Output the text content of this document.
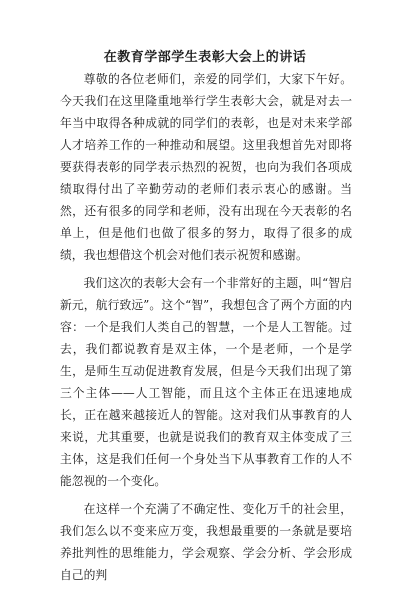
在教育学部学生表彰大会上的讲话

尊敬的各位老师们，亲爱的同学们，大家下午好。今天我们在这里隆重地举行学生表彰大会，就是对去一年当中取得各种成就的同学们的表彰，也是对未来学部人才培养工作的一种推动和展望。这里我想首先对即将要获得表彰的同学表示热烈的祝贺，也向为我们各项成绩取得付出了辛勤劳动的老师们表示衷心的感谢。当然，还有很多的同学和老师，没有出现在今天表彰的名单上，但是他们也做了很多的努力，取得了很多的成绩，我也想借这个机会对他们表示祝贺和感谢。

我们这次的表彰大会有一个非常好的主题，叫“智启新元，航行致远”。这个“智”，我想包含了两个方面的内容：一个是我们人类自己的智慧，一个是人工智能。过去，我们都说教育是双主体，一个是老师，一个是学生，是师生互动促进教育发展，但是今天我们出现了第三个主体——人工智能，而且这个主体正在迅速地成长，正在越来越接近人的智能。这对我们从事教育的人来说，尤其重要，也就是说我们的教育双主体变成了三主体，这是我们任何一个身处当下从事教育工作的人不能忽视的一个变化。

在这样一个充满了不确定性、变化万千的社会里，我们怎么以不变来应万变，我想最重要的一条就是要培养批判性的思维能力，学会观察、学会分析、学会形成自己的判
